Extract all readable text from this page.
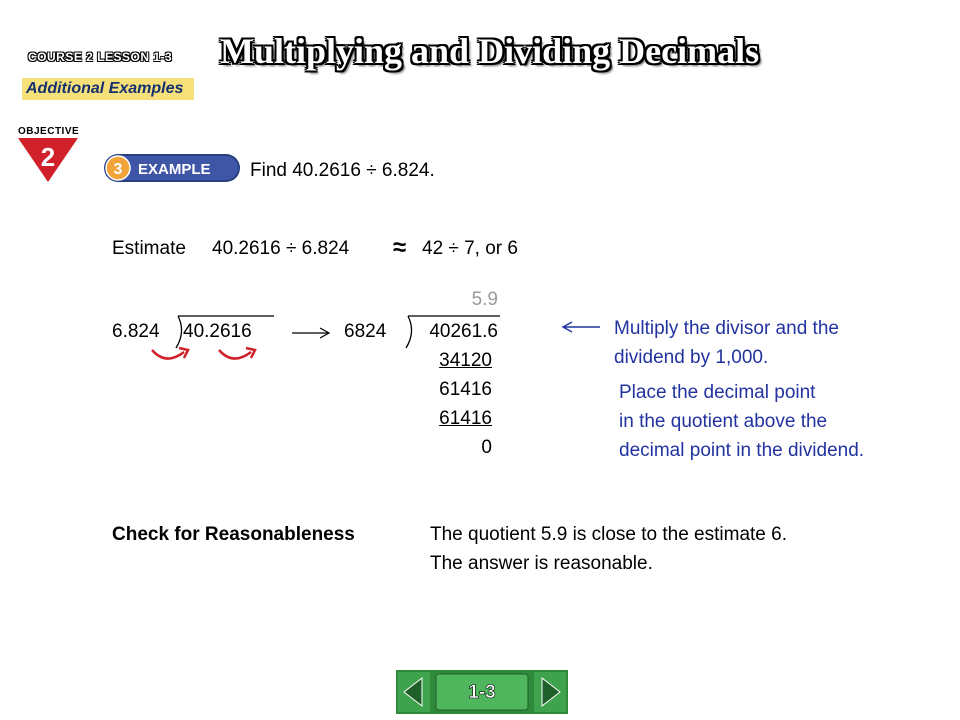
COURSE 2 LESSON 1-3
Additional Examples
Multiplying and Dividing Decimals
OBJECTIVE
2	3 EXAMPLE Find 40.2616 ÷ 6.824.
Estimate 40.2616 ÷ 6.824 ≈ 42 ÷ 7, or 6
6.824 40.2616
5.9
6824	40261.6
34120
61416
61416
0
Multiply the divisor and the
dividend by 1,000.
Place the decimal point
in the quotient above the
decimal point in the dividend.
Check for Reasonableness	The quotient 5.9 is close to the estimate 6.
The answer is reasonable.
1-3
